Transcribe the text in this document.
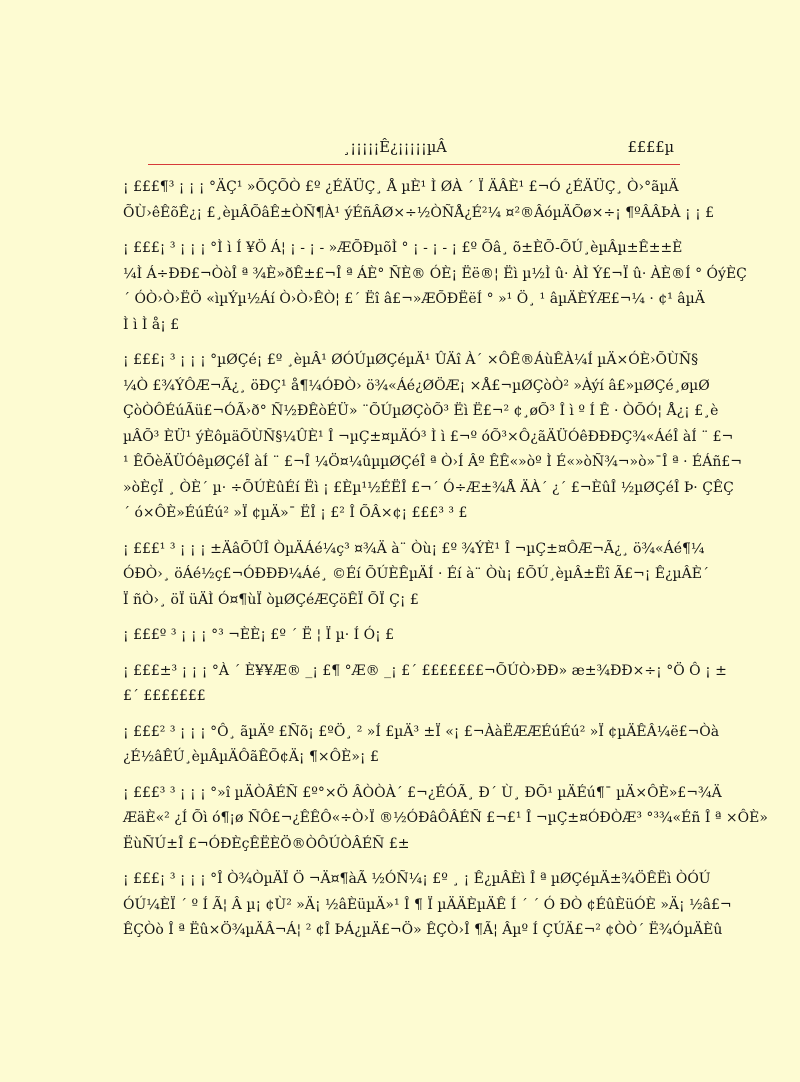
¸¡¡¡¡¡Ê¿¡¡¡¡¡µÂ	££££µ
¡ £££¶³ ¡ ¡ ¡ °ÄÇ¹ »ÕÇÕÒ £º ¿ÉÄÜÇ¸ Å µÈ¹ Ì ØÀ ´ Ï ÄÂÈ¹ £¬Ó ¿ÉÄÜÇ¸ Ò›°ãµÄ
ÕÙ›êÊõÊ¿¡ £¸èµÂÕâÊ±ÒÑ¶À¹ ýÉñÂØ×÷½ÒÑÅ¿É²¼ ¤²®ÂóµÄÕø×÷¡ ¶ºÂÂÞÀ ¡ ¡ £
¡ £££¡ ³ ¡ ¡ ¡ °Ì ì Í ¥Ö Á¦ ¡ - ¡ - »ÆÕÐµõÌ ° ¡ - ¡ - ¡ £º Õâ¸ õ±ÈÕ-ÕÚ¸èµÂµ±Ê±±È
¼Ì Á÷ÐÐ£¬ÒòÎ ª ¾È»ðÊ±£¬Î ª ÁÈ° ÑÈ® ÓÈ¡ Ëë®¦ Ëì µ½Ì û· ÀÌ Ý£¬Ï û· ÀÈ®Í ° ÓýÈÇ
´ ÓÒ›Ò›ËÖ «ìµÝµ½Áí Ò›Ò›ÊÒ¦ £´ Ëî â£¬»ÆÕÐËëÍ ° »¹ Ö¸ ¹ âµÄÈÝÆ£¬¼ · ¢¹ âµÄ
Ì ì Ì å¡ £
¡ £££¡ ³ ¡ ¡ ¡ °µØÇé¡ £º ¸èµÂ¹ ØÓÚµØÇéµÄ¹ ÛÄî À´ ×ÔÊ®ÁùÊÀ¼Í µÄ×ÓÈ›ÕÙÑ§
¼Ò £¾ÝÔÆ¬Ã¿¸ öÐÇ¹ å¶¼ÓÐÒ› ö¾«Áé¿ØÖÆ¡ ×Å£¬µØÇòÒ² »Àýí â£»µØÇé¸øµØ
ÇòÒÔÉúÃü£¬ÓÃ›ð° Ñ½ÐÊòÉÜ» ¨ÕÚµØÇòÕ³ Ëì Ë£¬² ¢¸øÕ³ Î ì º Í Ê · ÒÕÓ¦ Å¿¡ £¸è
µÂÕ³ ÈÜ¹ ýÈôµäÕÙÑ§¼ÛÈ¹ Î ¬µÇ±¤µÄÓ³ Ì ì £¬º óÕ³×Ô¿ãÄÜÓêÐÐÐÇ¾«ÁéÎ àÍ ¨ £¬
¹ ÊÕèÄÜÓêµØÇéÎ àÍ ¨ £¬Î ¼Ö¤¼ûµµØÇéÎ ª Ò›Í Âº ÊÊ«»òº Ì É«»òÑ¾¬»ò»¯Î ª · ÉÁñ£¬
»òÈçÏ ¸ ÒÈ´ µ· ÷ÕÚÈûÉí Ëì ¡ £Èµ¹½ÉËÎ £¬´ Ó÷Æ±¾Å ÄÀ´ ¿´ £¬ÈûÎ ½µØÇéÎ Þ· ÇÊÇ
´ ó×ÔÈ»ÉúÉú² »Ï ¢µÄ»¯ ËÎ ¡ £² Î ÕÂ×¢¡ £££³ ³ £
¡ £££¹ ³ ¡ ¡ ¡ ±ÄâÕÛÎ ÒµÄÁé¼ç³ ¤¾Ä à¨ Òù¡ £º ¾ÝÈ¹ Î ¬µÇ±¤ÔÆ¬Ã¿¸ ö¾«Áé¶¼
ÓÐÒ›¸ öÁé½ç£¬ÓÐÐÐ¼Áé¸ ©Éí ÕÚÈÊµÄÍ · Éí à¨ Òù¡ £ÕÚ¸èµÂ±Ëî Ã£¬¡ Ê¿µÂÈ´
Ï ñÒ›¸ öÏ üÄÌ Ó¤¶ùÏ òµØÇéÆÇöÊÏ ÕÏ Ç¡ £
¡ £££º ³ ¡ ¡ ¡ °³ ¬ÈÈ¡ £º ´ Ë ¦ Ï µ· Í Ó¡ £
¡ £££±³ ¡ ¡ ¡ °À ´ È¥¥Æ® _¡ £¶ °Æ® _¡ £´ £££££££¬ÕÚÒ›ÐÐ» æ±¾ÐÐ×÷¡ °Ö Ô ¡ ±
£´ £££££££
¡ £££² ³ ¡ ¡ ¡ °Ô¸ ãµÄº £Ñõ¡ £ºÖ¸ ² »Í £µÄ³ ±Ï «¡ £¬ÀàËÆÆÉúÉú² »Ï ¢µÄÊÂ¼ë£¬Òà
¿É½âÊÚ¸èµÂµÄÔãÊÕ¢Ä¡ ¶×ÔÈ»¡ £
¡ £££³ ³ ¡ ¡ ¡ °»î µÄÒÂÉÑ £º°×Ö ÂÒÒÀ´ £¬¿ÉÓÃ¸ Ð´ Ù¸ ÐÕ¹ µÄÉú¶¯ µÄ×ÔÈ»£¬¾Ä
ÆäÈ«² ¿Í Õì ó¶¡ø ÑÔ£¬¿ÊÊÔ«÷Ò›Ï ®½ÓÐâÔÂÉÑ £¬£¹ Î ¬µÇ±¤ÓÐÒÆ³ °³¾«Éñ Î ª ×ÔÈ»
ËùÑÚ±Î £¬ÓÐÈçÊËÈÖ®ÒÔÚÒÂÉÑ £±
¡ £££¡ ³ ¡ ¡ ¡ °Î Ò¾ÒµÄÏ Ö ¬Ä¤¶àÃ ½ÓÑ¼¡ £º ¸ ¡ Ê¿µÂÈì Î ª µØÇéµÄ±¾ÖÊËì ÒÓÚ
ÓÚ¼ÈÏ ´ º Í Ã¦ Â µ¡ ¢Ù² »Ä¡ ½âÈüµÄ»¹ Î ¶ Ï µÄÄÈµÄÊ Í ´ ´ Ó ÐÒ ¢ÉûÈüÓÈ »Ä¡ ½â£¬
ÊÇÒò Î ª Ëû×Ö¾µÄÂ¬Á¦ ² ¢Î ÞÁ¿µÄ£¬Ö» ÊÇÒ›Î ¶Ã¦ Âµº Í ÇÚÄ£¬² ¢ÒÒ´ Ë¾ÓµÄÈû
